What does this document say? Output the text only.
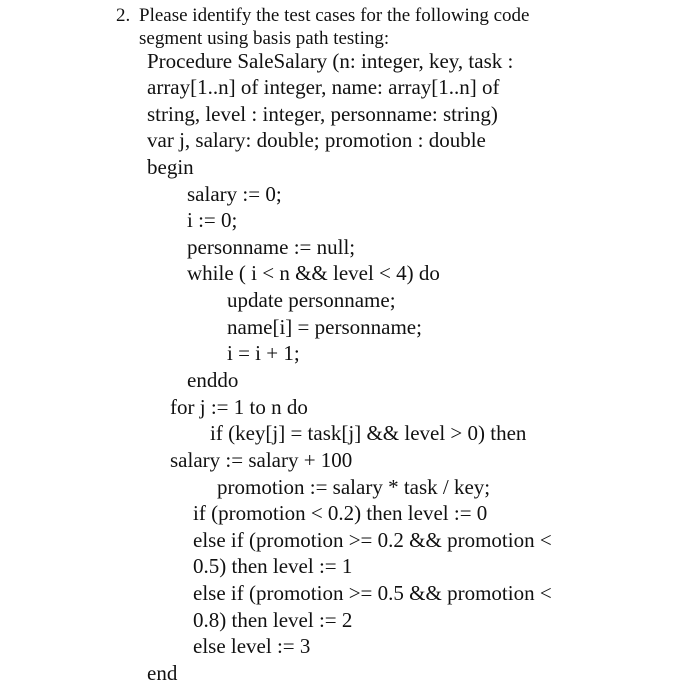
2. Please identify the test cases for the following code
segment using basis path testing:
Procedure SaleSalary (n: integer, key, task :
array[1..n] of integer, name: array[1..n] of
string, level : integer, personname: string)
var j, salary: double; promotion : double
begin
salary := 0;
i := 0;
personname := null;
while ( i < n && level < 4) do
update personname;
name[i] = personname;
i = i + 1;
enddo
for j := 1 to n do
if (key[j] = task[j] && level > 0) then
salary := salary + 100
promotion := salary * task / key;
if (promotion < 0.2) then level := 0
else if (promotion >= 0.2 && promotion <
0.5) then level := 1
else if (promotion >= 0.5 && promotion <
0.8) then level := 2
else level := 3
end
